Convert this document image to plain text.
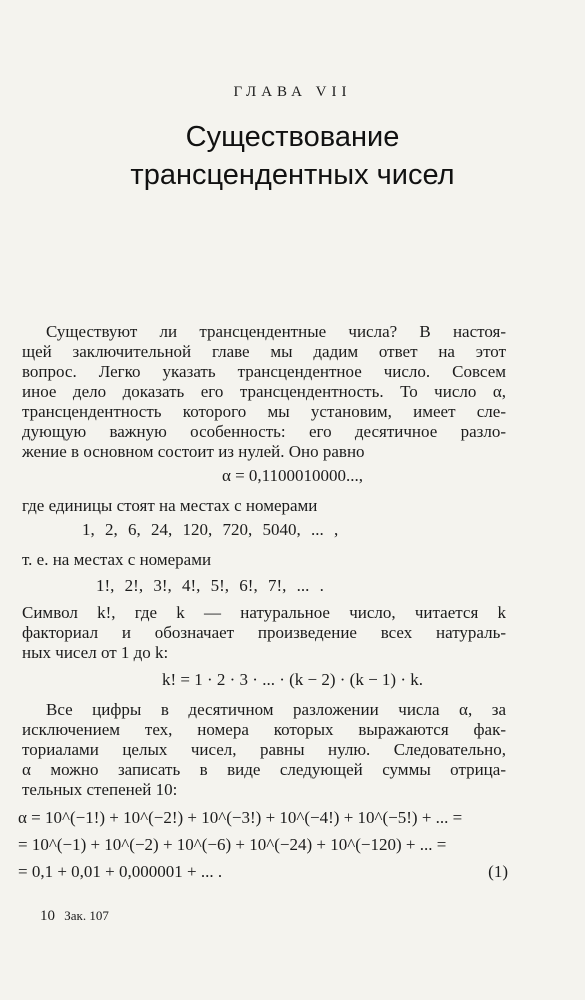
ГЛАВА VII
Существование
трансцендентных чисел
Существуют ли трансцендентные числа? В настоя-
щей заключительной главе мы дадим ответ на этот
вопрос. Легко указать трансцендентное число. Совсем
иное дело доказать его трансцендентность. То число α,
трансцендентность которого мы установим, имеет сле-
дующую важную особенность: его десятичное разло-
жение в основном состоит из нулей. Оно равно
α = 0,1100010000...,
где единицы стоят на местах с номерами
1, 2, 6, 24, 120, 720, 5040, ... ,
т. е. на местах с номерами
1!, 2!, 3!, 4!, 5!, 6!, 7!, ... .
Символ k!, где k — натуральное число, читается k
факториал и обозначает произведение всех натураль-
ных чисел от 1 до k:
k! = 1 · 2 · 3 · ... · (k − 2) · (k − 1) · k.
Все цифры в десятичном разложении числа α, за
исключением тех, номера которых выражаются фак-
ториалами целых чисел, равны нулю. Следовательно,
α можно записать в виде следующей суммы отрица-
тельных степеней 10:
α = 10^(−1!) + 10^(−2!) + 10^(−3!) + 10^(−4!) + 10^(−5!) + ... =
= 10^(−1) + 10^(−2) + 10^(−6) + 10^(−24) + 10^(−120) + ... =
= 0,1 + 0,01 + 0,000001 + ... .	(1)
10 Зак. 107
